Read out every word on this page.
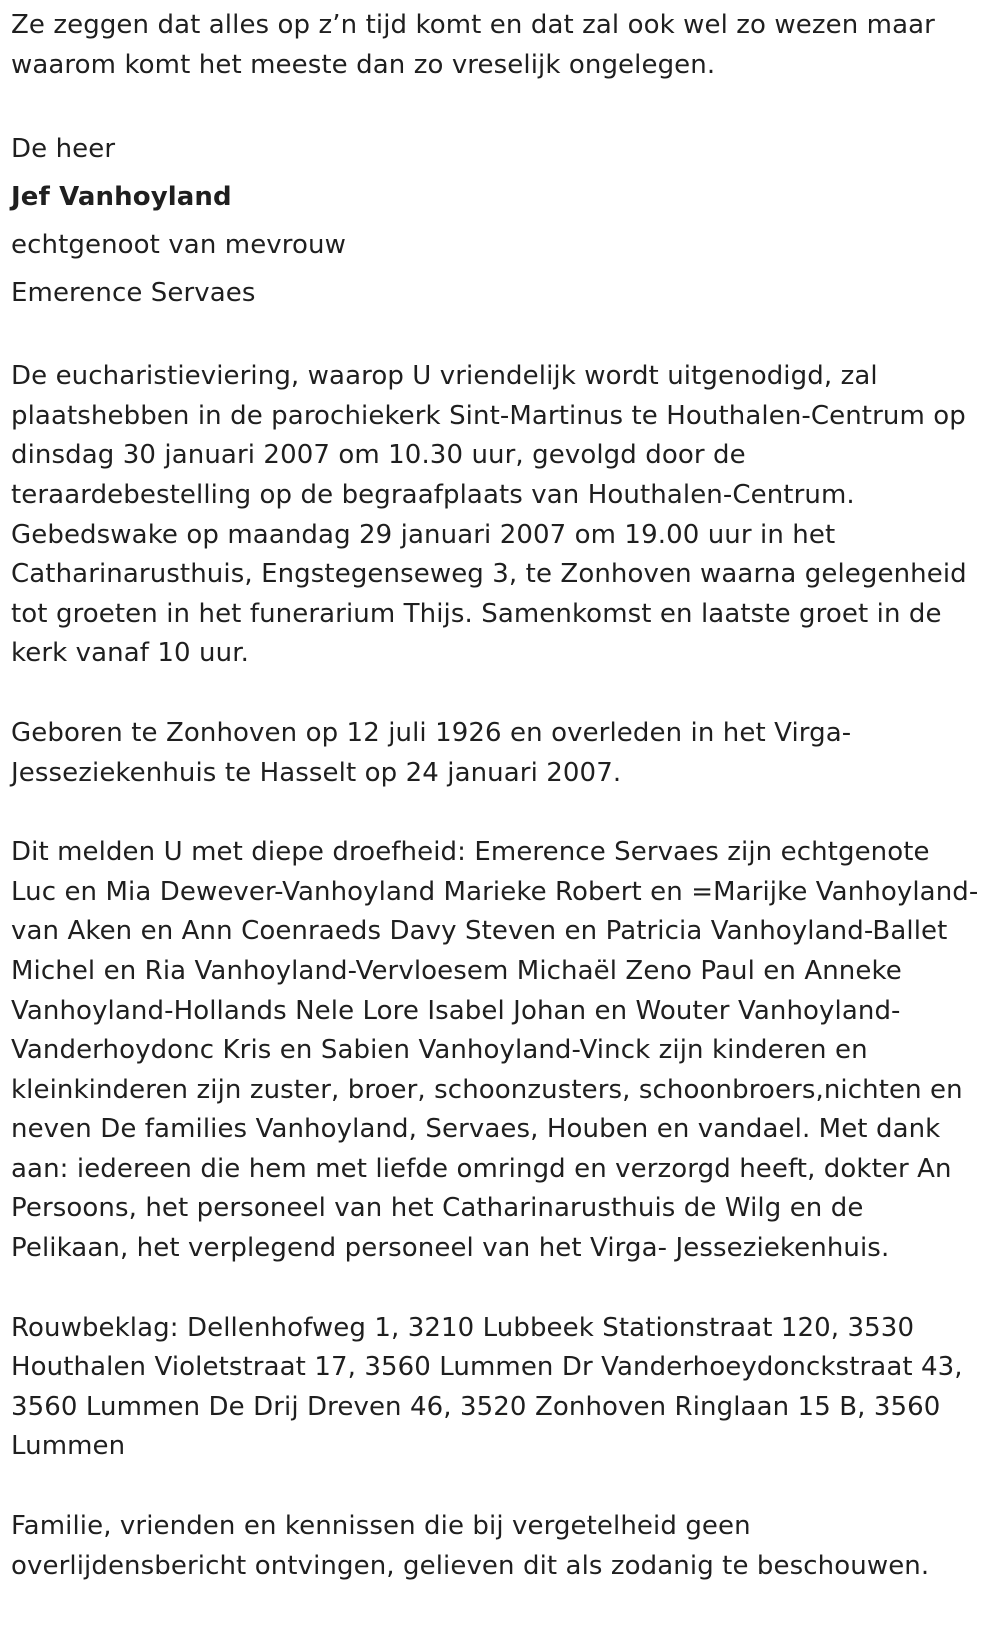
Ze zeggen dat alles op z’n tijd komt en dat zal ook wel zo wezen maar waarom komt het meeste dan zo vreselijk ongelegen.

De heer

Jef Vanhoyland

echtgenoot van mevrouw

Emerence Servaes

De eucharistieviering, waarop U vriendelijk wordt uitgenodigd, zal plaatshebben in de parochiekerk Sint-Martinus te Houthalen-Centrum op dinsdag 30 januari 2007 om 10.30 uur, gevolgd door de teraardebestelling op de begraafplaats van Houthalen-Centrum. Gebedswake op maandag 29 januari 2007 om 19.00 uur in het Catharinarusthuis, Engstegenseweg 3, te Zonhoven waarna gelegenheid tot groeten in het funerarium Thijs. Samenkomst en laatste groet in de kerk vanaf 10 uur.

Geboren te Zonhoven op 12 juli 1926 en overleden in het Virga- Jesseziekenhuis te Hasselt op 24 januari 2007.

Dit melden U met diepe droefheid: Emerence Servaes zijn echtgenote Luc en Mia Dewever-Vanhoyland Marieke Robert en =Marijke Vanhoyland-van Aken en Ann Coenraeds Davy Steven en Patricia Vanhoyland-Ballet Michel en Ria Vanhoyland-Vervloesem Michaël Zeno Paul en Anneke Vanhoyland-Hollands Nele Lore Isabel Johan en Wouter Vanhoyland-Vanderhoydonc Kris en Sabien Vanhoyland-Vinck zijn kinderen en kleinkinderen zijn zuster, broer, schoonzusters, schoonbroers,nichten en neven De families Vanhoyland, Servaes, Houben en vandael. Met dank aan: iedereen die hem met liefde omringd en verzorgd heeft, dokter An Persoons, het personeel van het Catharinarusthuis de Wilg en de Pelikaan, het verplegend personeel van het Virga- Jesseziekenhuis.

Rouwbeklag: Dellenhofweg 1, 3210 Lubbeek Stationstraat 120, 3530 Houthalen Violetstraat 17, 3560 Lummen Dr Vanderhoeydonckstraat 43, 3560 Lummen De Drij Dreven 46, 3520 Zonhoven Ringlaan 15 B, 3560 Lummen

Familie, vrienden en kennissen die bij vergetelheid geen overlijdensbericht ontvingen, gelieven dit als zodanig te beschouwen.
